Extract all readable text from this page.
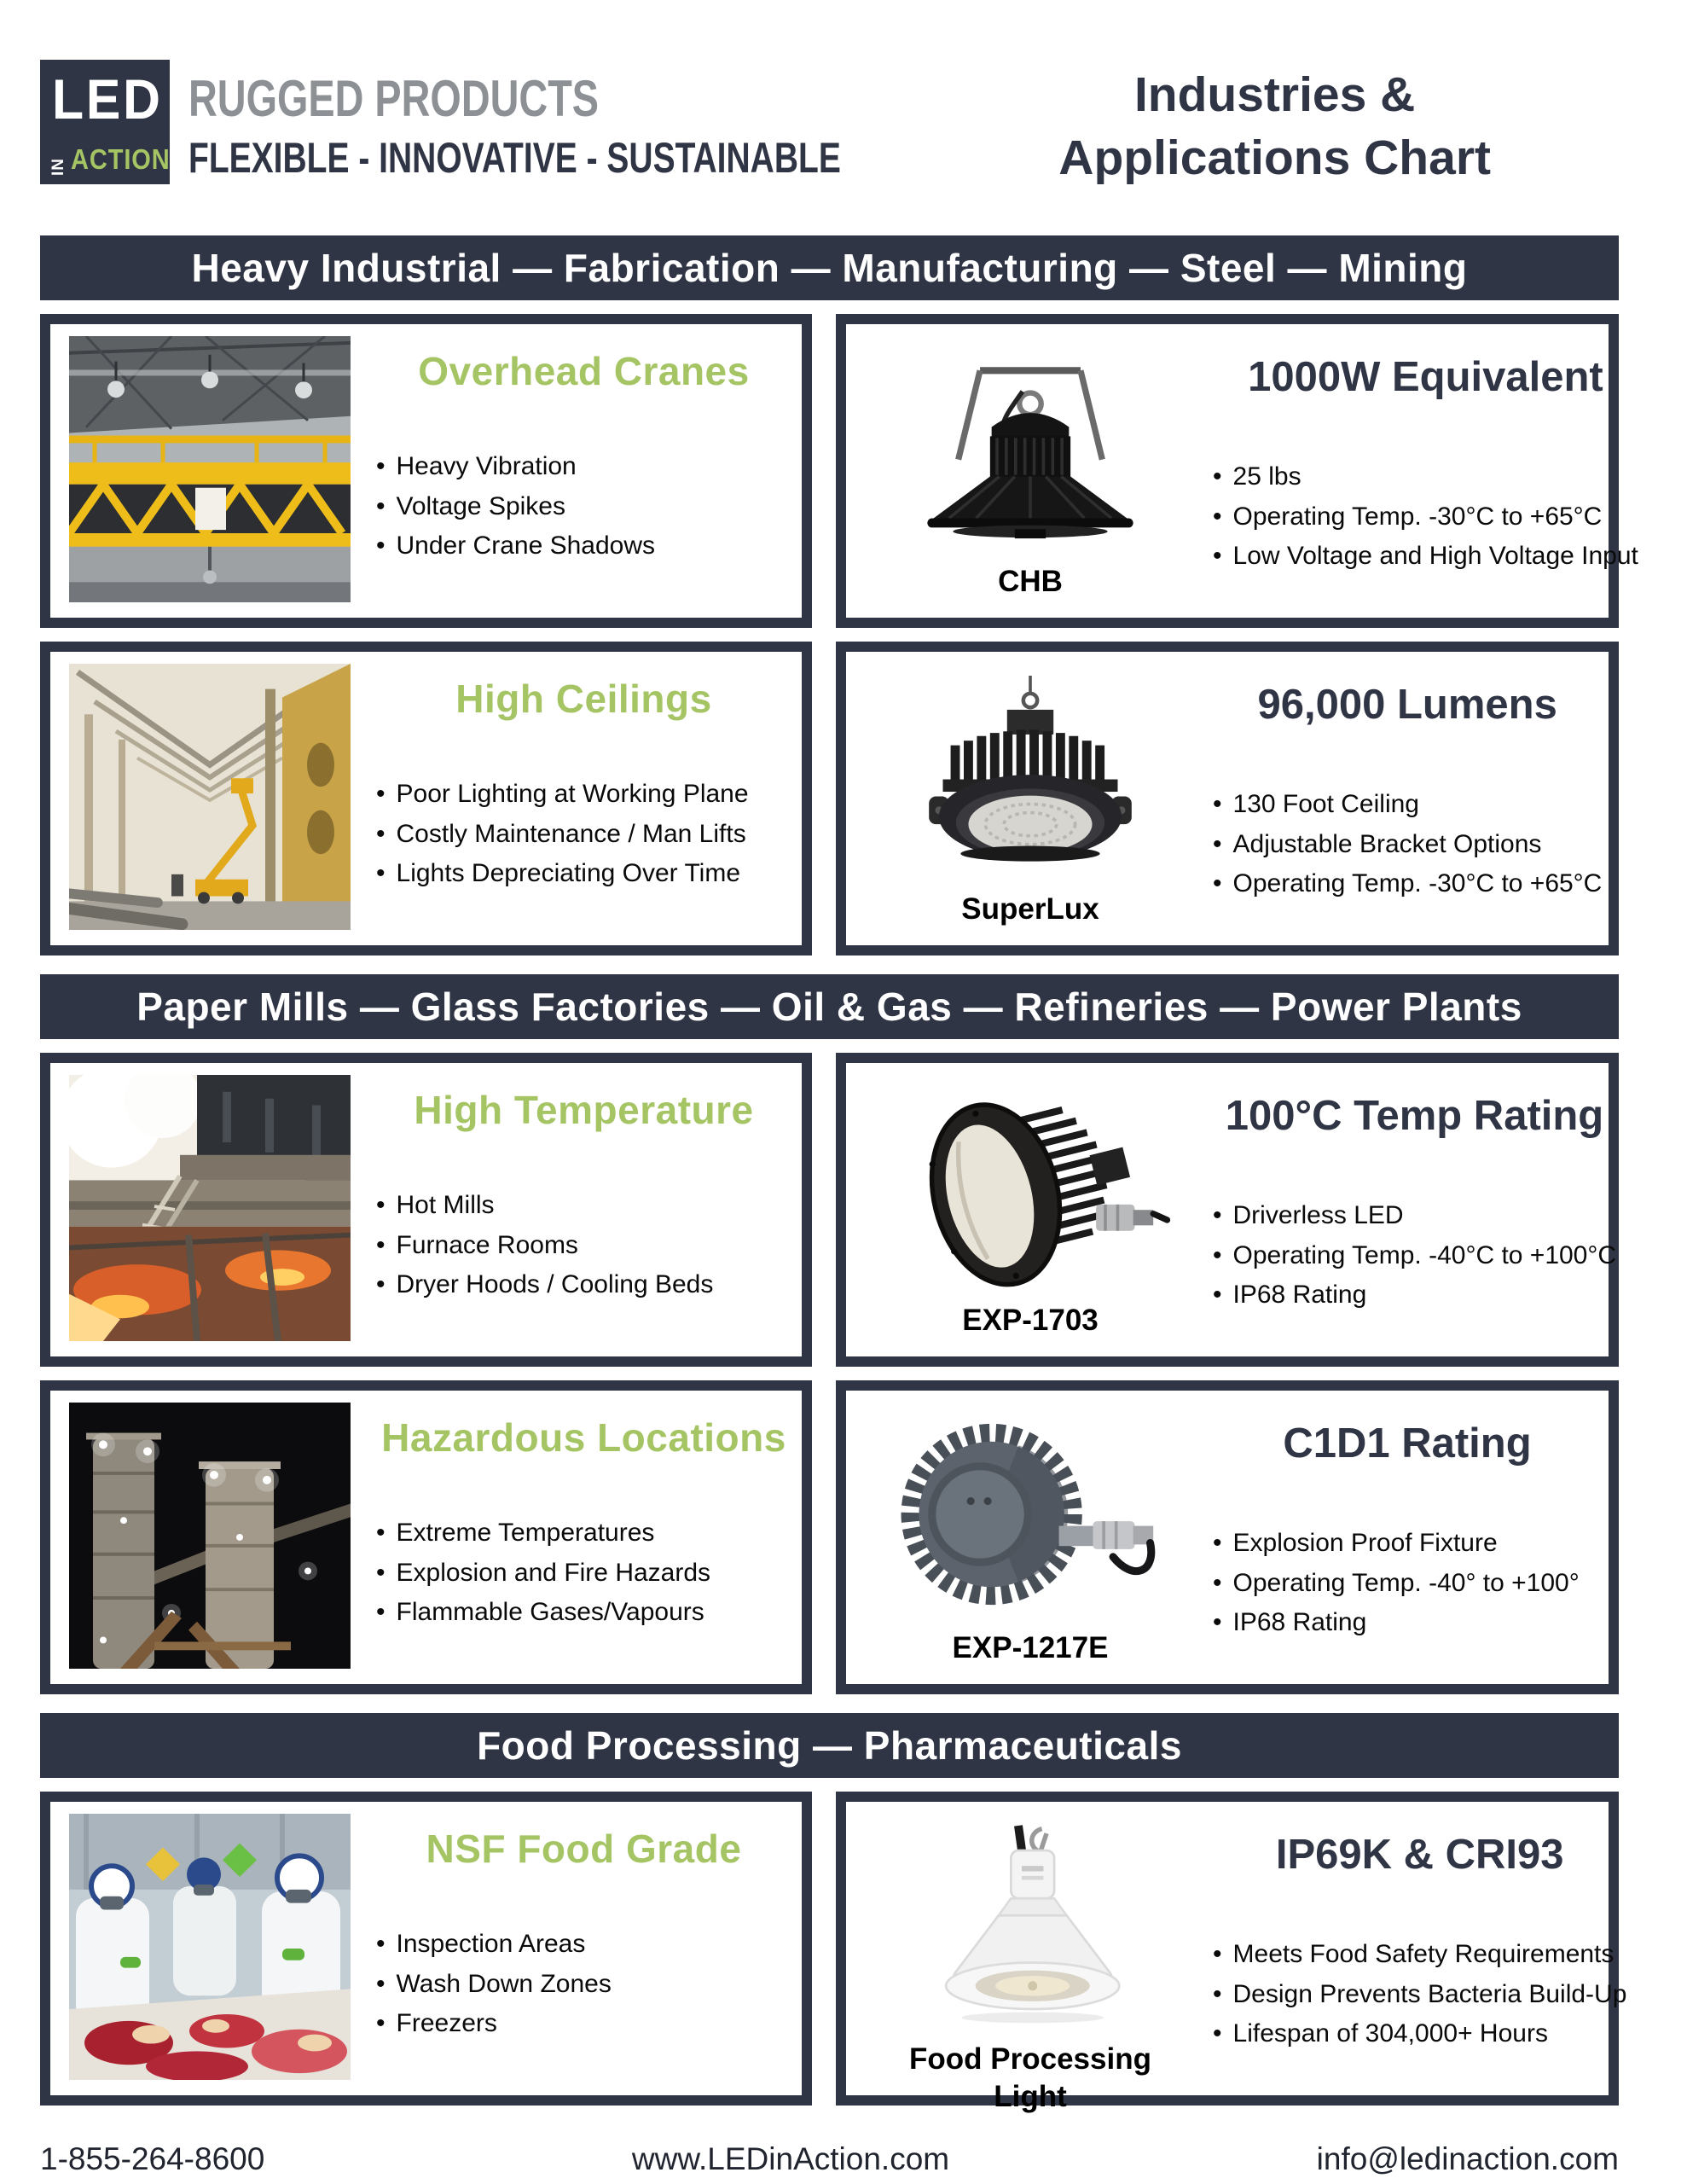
LED
IN ACTION
RUGGED PRODUCTS
FLEXIBLE - INNOVATIVE - SUSTAINABLE
Industries &
Applications Chart
Heavy Industrial — Fabrication — Manufacturing — Steel — Mining
Overhead Cranes
• Heavy Vibration
• Voltage Spikes
• Under Crane Shadows
CHB
1000W Equivalent
• 25 lbs
• Operating Temp. -30°C to +65°C
• Low Voltage and High Voltage Input
High Ceilings
• Poor Lighting at Working Plane
• Costly Maintenance / Man Lifts
• Lights Depreciating Over Time
SuperLux
96,000 Lumens
• 130 Foot Ceiling
• Adjustable Bracket Options
• Operating Temp. -30°C to +65°C
Paper Mills — Glass Factories — Oil & Gas — Refineries — Power Plants
High Temperature
• Hot Mills
• Furnace Rooms
• Dryer Hoods / Cooling Beds
EXP-1703
100°C Temp Rating
• Driverless LED
• Operating Temp. -40°C to +100°C
• IP68 Rating
Hazardous Locations
• Extreme Temperatures
• Explosion and Fire Hazards
• Flammable Gases/Vapours
EXP-1217E
C1D1 Rating
• Explosion Proof Fixture
• Operating Temp. -40° to +100°
• IP68 Rating
Food Processing — Pharmaceuticals
NSF Food Grade
• Inspection Areas
• Wash Down Zones
• Freezers
Food Processing Light
IP69K & CRI93
• Meets Food Safety Requirements
• Design Prevents Bacteria Build-Up
• Lifespan of 304,000+ Hours
1-855-264-8600	www.LEDinAction.com	info@ledinaction.com
